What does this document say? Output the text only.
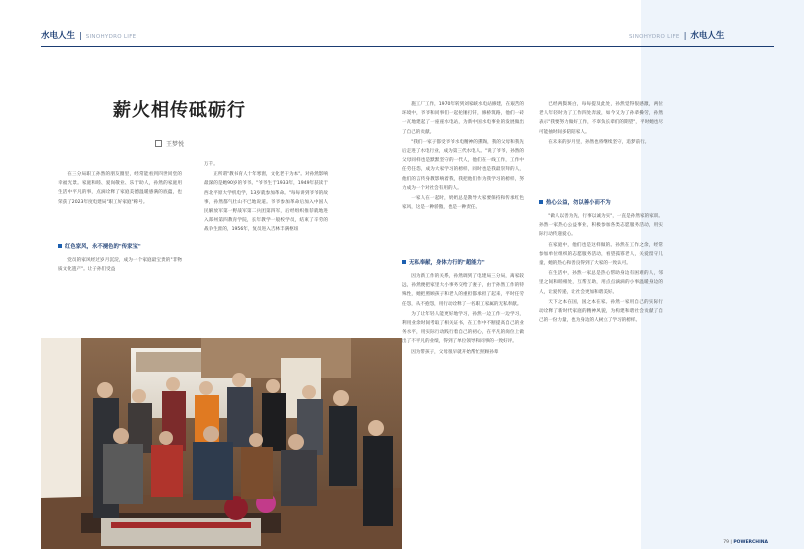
水电人生 | SINOHYDRO LIFE
薪火相传砥砺行
王梦悦

在三分局职工孙然的朋友圈里，经常能看到四世同堂的幸福光景。家庭和睦、爱岗敬业、乐于助人，孙然的家庭用生活中平凡的事，点滴诠释了家庭美德温暖感满的底蕴，也荣获了2023年度电建局"职工好家庭"称号。

红色家风，永不褪色的"传家宝"

党员的家风经过岁月沉淀，成为一个家庭最宝贵的"非物质文化遗产"。让子孙们受益

万千。

正所谓"教书育人十年寒窗，文化老干为本"。对孙然影响最深的是她90岁的爷爷。"爷爷生于1933年，1949年获读于西北平原大学机电学，13岁就参加革命。"每每讲到爷爷的故事，孙然都气壮山不已地说道。爷爷参加革命后加入中国人民解放军第一野战军第二兵团第四军，后经组织推荐就地进入郑州第四教育学院，长年教学一般校学员，结束了辛劳的战争生涯的，1956年，复员进入吉林丰满枢纽

SINOHYDRO LIFE | 水电人生

施工厂工作，1970年转到刘家峡水电站修建，在艰苦的环境中，爷爷和同事们一起抡锤打钎，修桥筑路，他们一砖一瓦地建起了一座座水电站，为新中国水电事业的发展做出了自己的贡献。

"我们一家子都受爷爷水电精神的熏陶，我的父母和我先后走进了水电行业，成为第三代水电人。"说了爷爷，孙然的父母同样也是默默坚守的一代人，他们在一线工作，工作中任劳任怨，成为大家学习的榜样，同时也是我最崇拜的人，他们的言传身教影响着我，我把他们作为我学习的榜样，努力成为一个对社会有用的人。

一家人在一起时，奶奶总是教导大家要保持和传承红色家风，这是一种骄傲，也是一种责任。

无私奉献，身体力行的"超能力"

因为新工作的关系，孙然调到了电建局三分局，离家较远，孙然便把家里大小事务交给了妻子，由于孙然工作的特殊性，她把照顾孩子和老人的重担都承担了起来，平时任劳任怨，从不抱怨，用行动诠释了一名职工家属的无私奉献。

为了让年轻人能更好地学习，孙然一边工作一边学习，利用业余时间考取了相关证书，在工作中不断提高自己的业务水平，用实际行动践行着自己的初心，在平凡的岗位上做出了不平凡的业绩，得到了单位领导和同事的一致好评。

因为带孩子，父母很早就开始帮忙照顾孙辈

已经两鬓斑白，每每提及此处，孙然觉得很感激，两位老人年轻时为了工作四处奔波，如今又为了孙辈操劳，孙然表示"我要努力做好工作，不辜负长辈们的期望"，平时她也尽可能抽时间多陪陪家人。

在未来的岁月里，孙然也将继续坚守，追梦前行。

热心公益，勿以善小而不为

"做人以善为先，行事以诚为实"，一直是孙然家的家训。孙然一家热心公益事业，积极参加各类志愿服务活动，用实际行动传递爱心。

在家庭中，他们也是这样做的。孙然在工作之余，经常参加单位组织的志愿服务活动，看望孤寡老人，关爱留守儿童，她的热心和善良得到了大家的一致认可。

在生活中，孙然一家总是热心帮助身边有困难的人，邻里之间和睦相处，互帮互助，用点点滴滴的小事温暖身边的人，让爱传递，让社会更加和谐美好。

天下之本在国，国之本在家。孙然一家用自己的实际行动诠释了新时代家庭的精神风貌，为构建和谐社会贡献了自己的一份力量，也为身边的人树立了学习的榜样。

79 | POWERCHINA
